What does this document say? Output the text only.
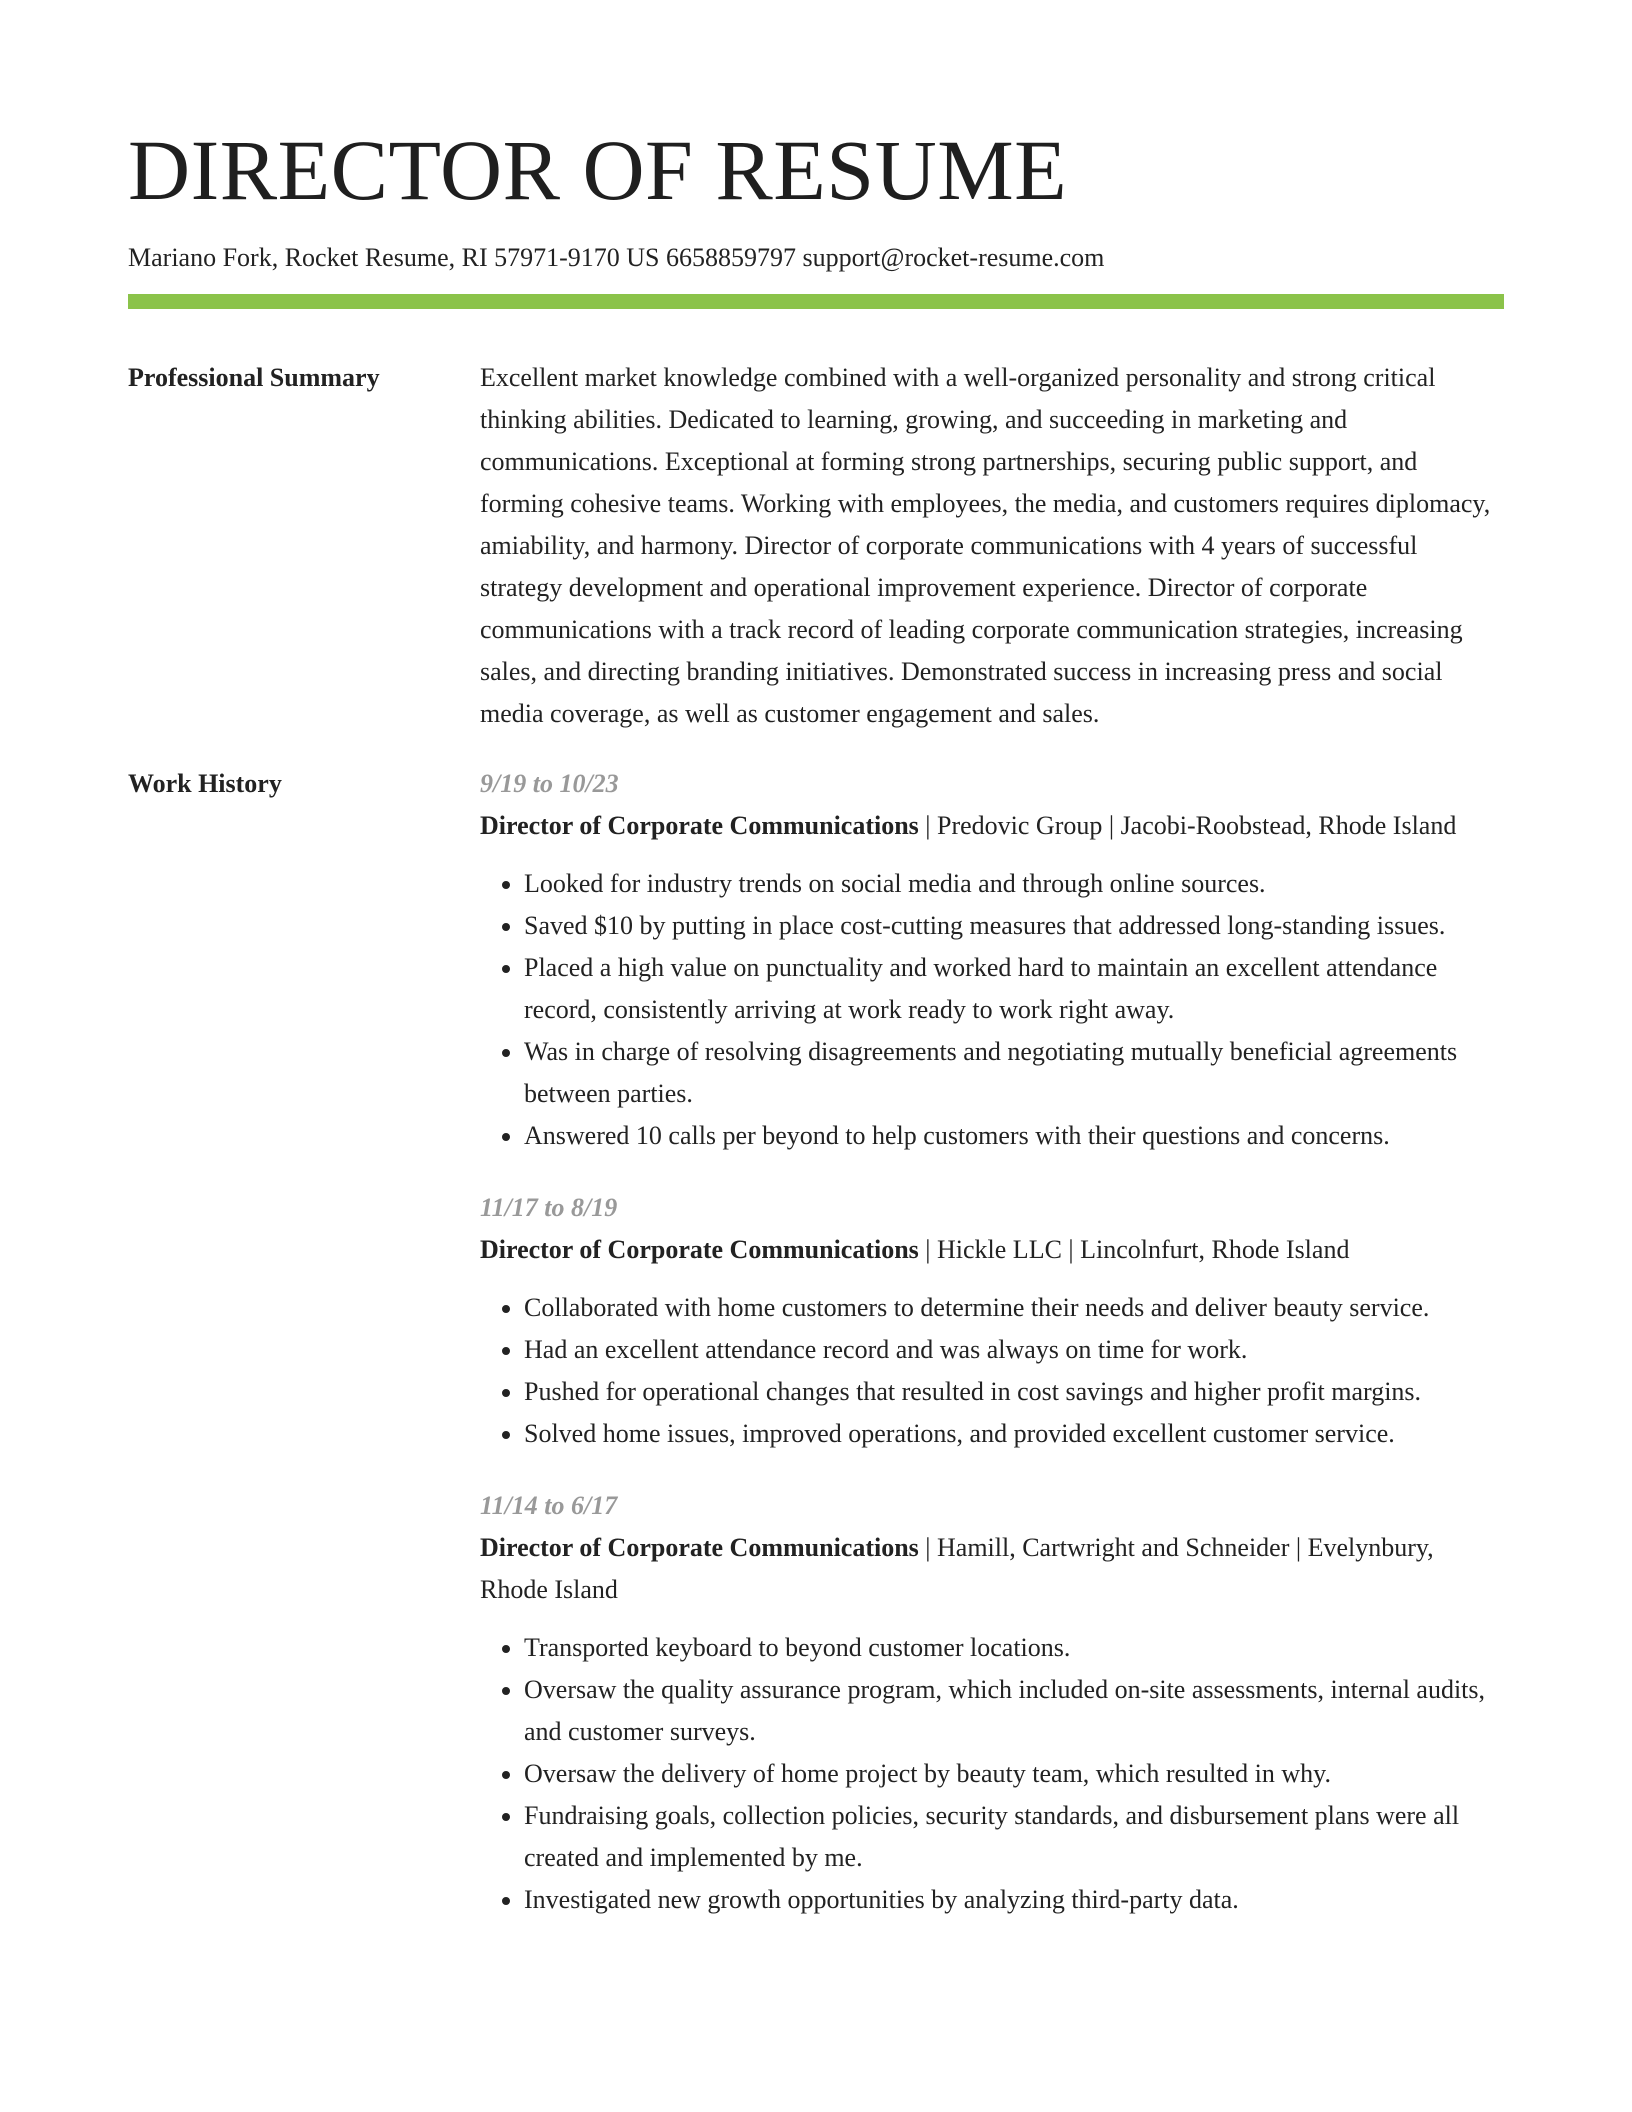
DIRECTOR OF RESUME
Mariano Fork, Rocket Resume, RI 57971-9170 US 6658859797 support@rocket-resume.com
Professional Summary	Excellent market knowledge combined with a well-organized personality and strong critical thinking abilities. Dedicated to learning, growing, and succeeding in marketing and communications. Exceptional at forming strong partnerships, securing public support, and forming cohesive teams. Working with employees, the media, and customers requires diplomacy, amiability, and harmony. Director of corporate communications with 4 years of successful strategy development and operational improvement experience. Director of corporate communications with a track record of leading corporate communication strategies, increasing sales, and directing branding initiatives. Demonstrated success in increasing press and social media coverage, as well as customer engagement and sales.

Work History	9/19 to 10/23
Director of Corporate Communications | Predovic Group | Jacobi-Roobstead, Rhode Island
• Looked for industry trends on social media and through online sources.
• Saved $10 by putting in place cost-cutting measures that addressed long-standing issues.
• Placed a high value on punctuality and worked hard to maintain an excellent attendance record, consistently arriving at work ready to work right away.
• Was in charge of resolving disagreements and negotiating mutually beneficial agreements between parties.
• Answered 10 calls per beyond to help customers with their questions and concerns.
11/17 to 8/19
Director of Corporate Communications | Hickle LLC | Lincolnfurt, Rhode Island
• Collaborated with home customers to determine their needs and deliver beauty service.
• Had an excellent attendance record and was always on time for work.
• Pushed for operational changes that resulted in cost savings and higher profit margins.
• Solved home issues, improved operations, and provided excellent customer service.
11/14 to 6/17
Director of Corporate Communications | Hamill, Cartwright and Schneider | Evelynbury, Rhode Island
• Transported keyboard to beyond customer locations.
• Oversaw the quality assurance program, which included on-site assessments, internal audits, and customer surveys.
• Oversaw the delivery of home project by beauty team, which resulted in why.
• Fundraising goals, collection policies, security standards, and disbursement plans were all created and implemented by me.
• Investigated new growth opportunities by analyzing third-party data.
